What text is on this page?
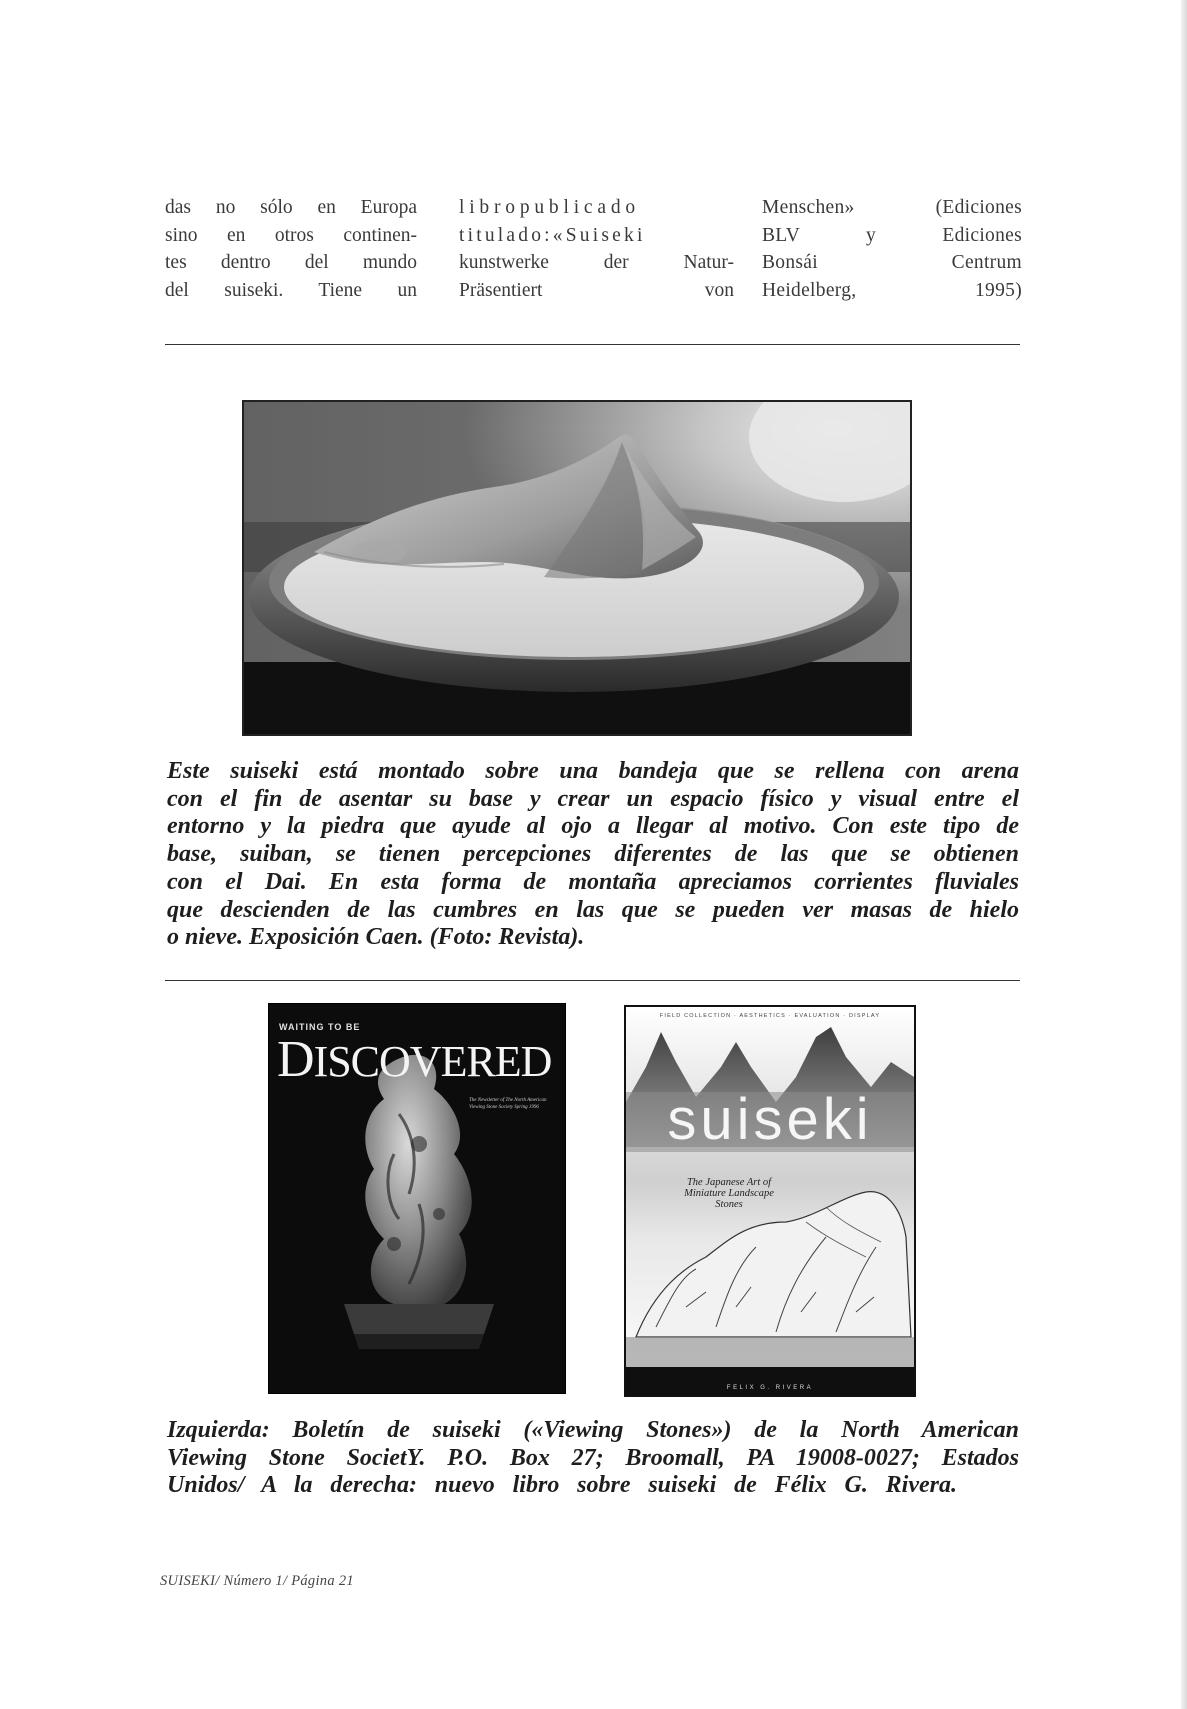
das no sólo en Europa
sino en otros continen-
tes dentro del mundo
del suiseki. Tiene un
libropublicado
titulado:«Suiseki
kunstwerke der Natur-
Präsentiert von
Menschen» (Ediciones
BLV y Ediciones
Bonsái Centrum
Heidelberg, 1995)
Este suiseki está montado sobre una bandeja que se rellena con arena
con el fin de asentar su base y crear un espacio físico y visual entre el
entorno y la piedra que ayude al ojo a llegar al motivo. Con este tipo de
base, suiban, se tienen percepciones diferentes de las que se obtienen
con el Dai. En esta forma de montaña apreciamos corrientes fluviales
que descienden de las cumbres en las que se pueden ver masas de hielo
o nieve. Exposición Caen. (Foto: Revista).
WAITING TO BE
DISCOVERED
The Newsletter of The North American Viewing Stone Society Spring 1996
FIELD COLLECTION · AESTHETICS · EVALUATION · DISPLAY
suiseki
The Japanese Art of Miniature Landscape Stones
FELIX G. RIVERA
Izquierda: Boletín de suiseki («Viewing Stones») de la North American
Viewing Stone SocietY. P.O. Box 27; Broomall, PA 19008-0027; Estados
Unidos/ A la derecha: nuevo libro sobre suiseki de Félix G. Rivera.
SUISEKI/ Número 1/ Página 21
